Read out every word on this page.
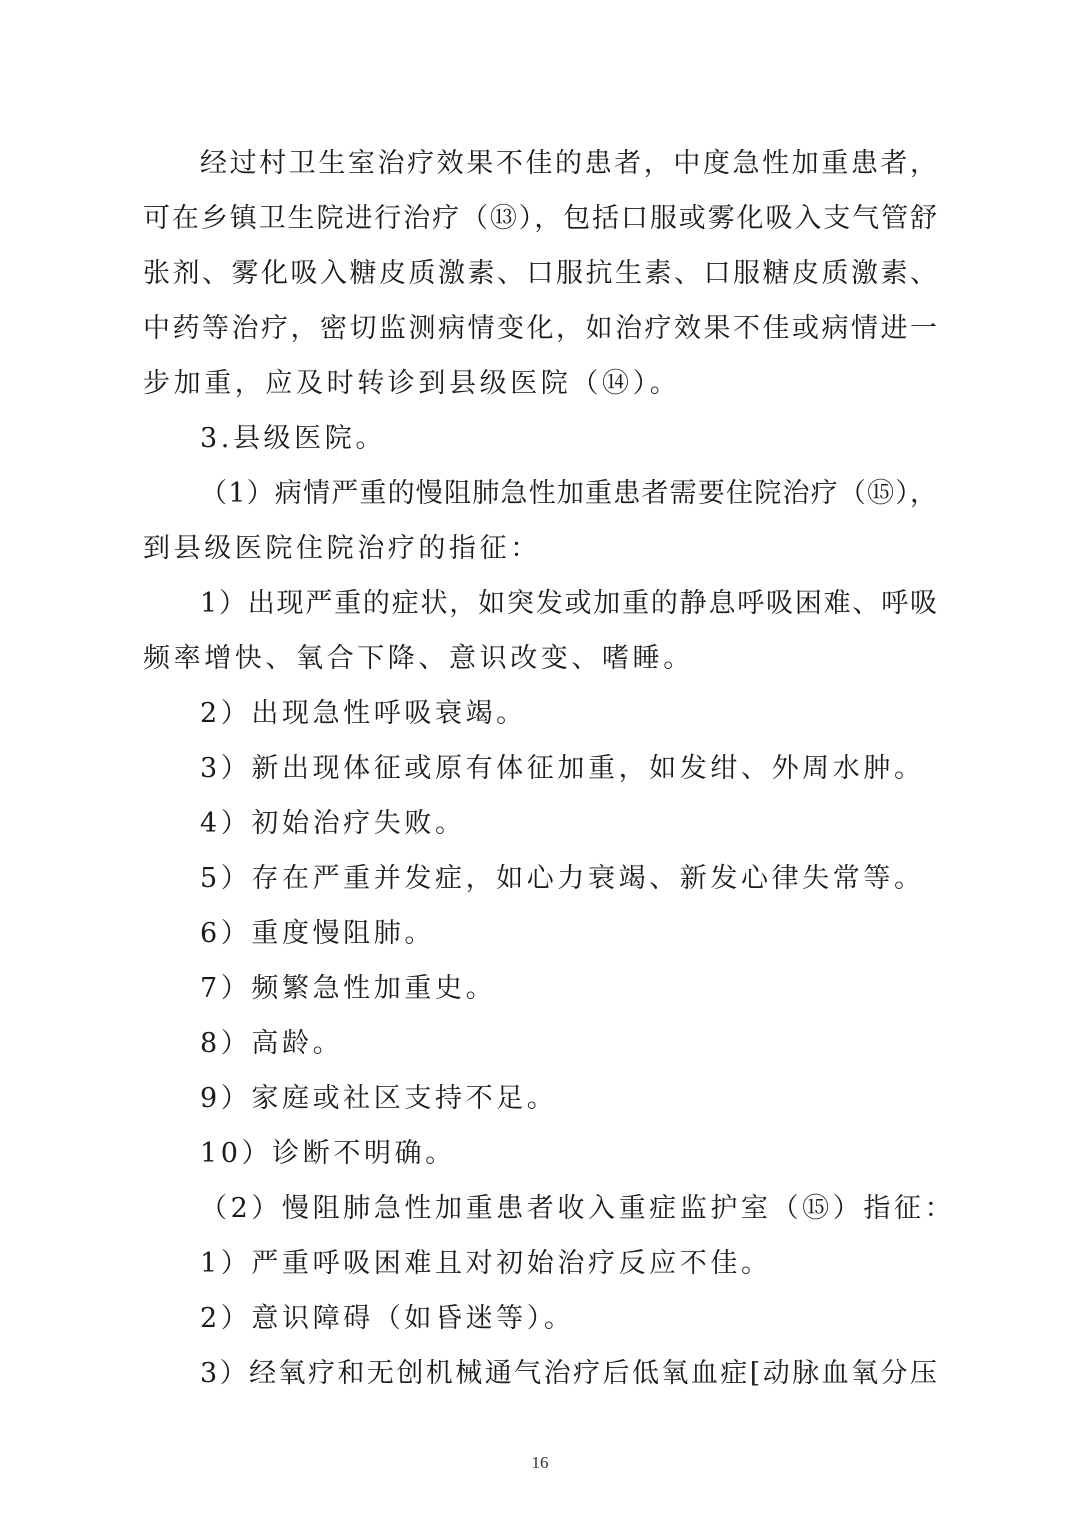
经过村卫生室治疗效果不佳的患者，中度急性加重患者，
可在乡镇卫生院进行治疗（⑬），包括口服或雾化吸入支气管舒
张剂、雾化吸入糖皮质激素、口服抗生素、口服糖皮质激素、
中药等治疗，密切监测病情变化，如治疗效果不佳或病情进一
步加重，应及时转诊到县级医院（⑭）。
3.县级医院。
（1）病情严重的慢阻肺急性加重患者需要住院治疗（⑮），
到县级医院住院治疗的指征：
1）出现严重的症状，如突发或加重的静息呼吸困难、呼吸
频率增快、氧合下降、意识改变、嗜睡。
2）出现急性呼吸衰竭。
3）新出现体征或原有体征加重，如发绀、外周水肿。
4）初始治疗失败。
5）存在严重并发症，如心力衰竭、新发心律失常等。
6）重度慢阻肺。
7）频繁急性加重史。
8）高龄。
9）家庭或社区支持不足。
10）诊断不明确。
（2）慢阻肺急性加重患者收入重症监护室（⑮）指征：
1）严重呼吸困难且对初始治疗反应不佳。
2）意识障碍（如昏迷等）。
3）经氧疗和无创机械通气治疗后低氧血症[动脉血氧分压
16
